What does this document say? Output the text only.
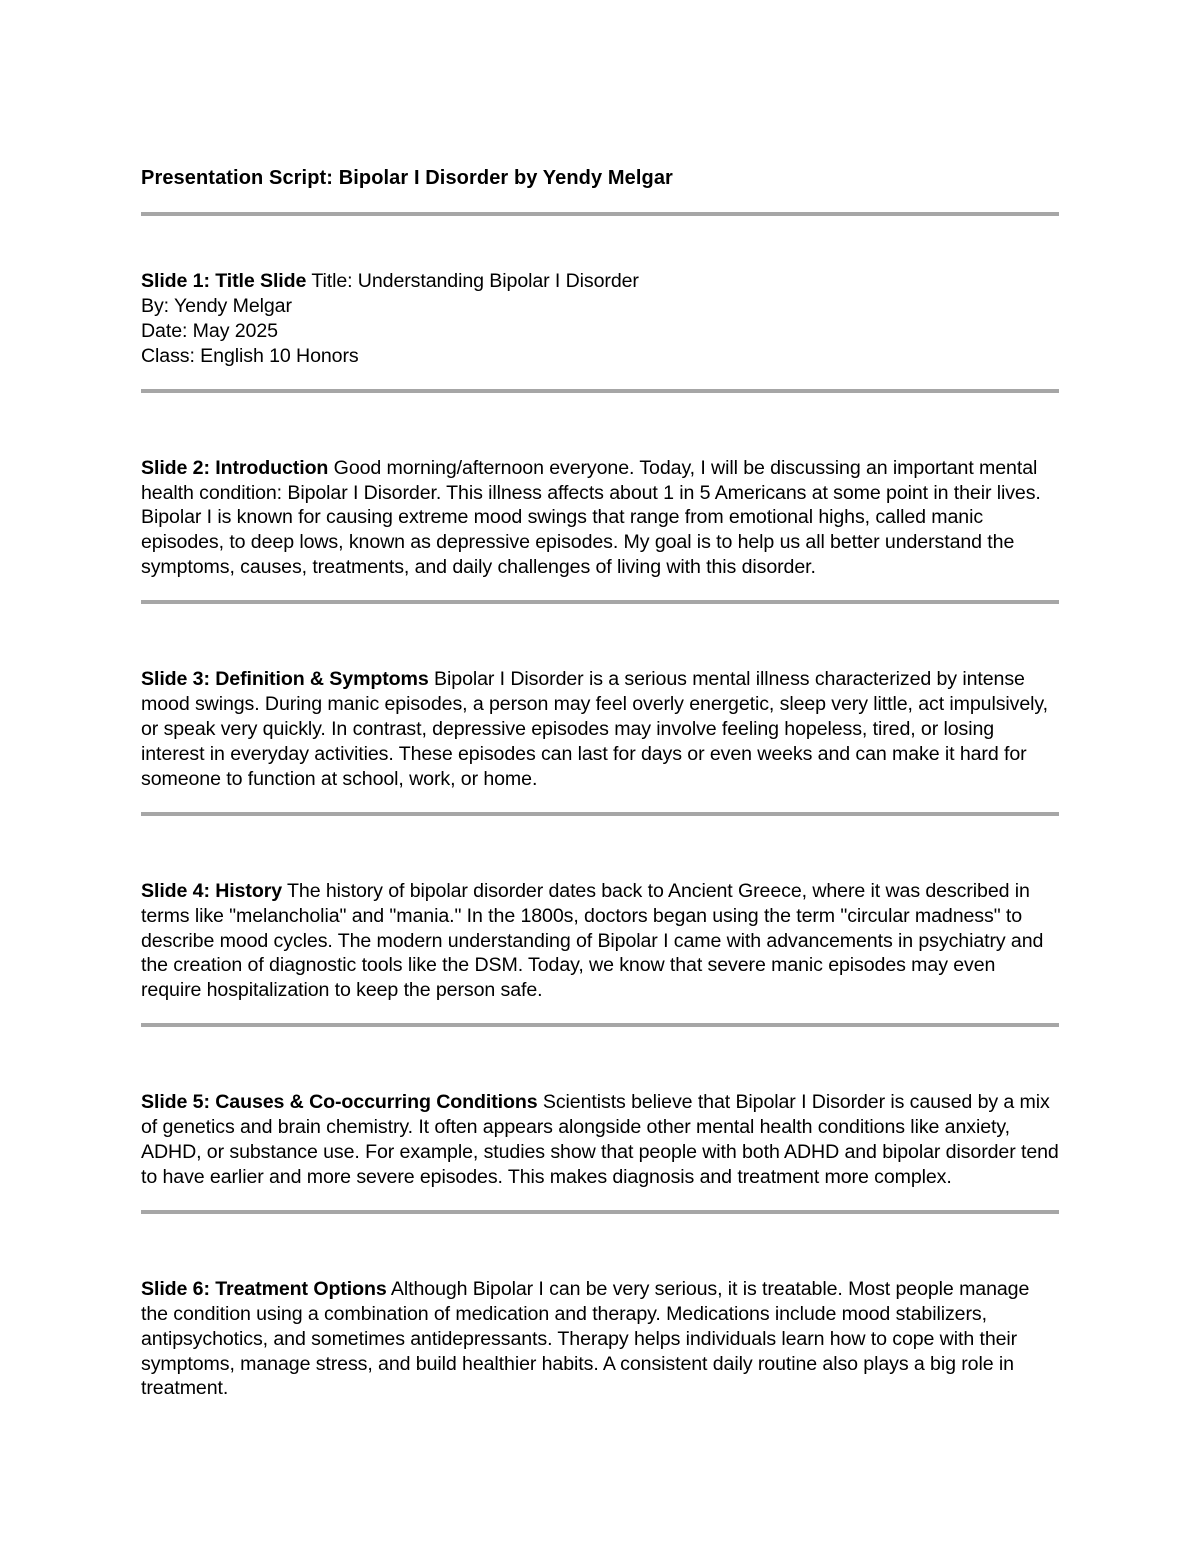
Presentation Script: Bipolar I Disorder by Yendy Melgar

Slide 1: Title Slide Title: Understanding Bipolar I Disorder
By: Yendy Melgar
Date: May 2025
Class: English 10 Honors

Slide 2: Introduction Good morning/afternoon everyone. Today, I will be discussing an important mental health condition: Bipolar I Disorder. This illness affects about 1 in 5 Americans at some point in their lives. Bipolar I is known for causing extreme mood swings that range from emotional highs, called manic episodes, to deep lows, known as depressive episodes. My goal is to help us all better understand the symptoms, causes, treatments, and daily challenges of living with this disorder.

Slide 3: Definition & Symptoms Bipolar I Disorder is a serious mental illness characterized by intense mood swings. During manic episodes, a person may feel overly energetic, sleep very little, act impulsively, or speak very quickly. In contrast, depressive episodes may involve feeling hopeless, tired, or losing interest in everyday activities. These episodes can last for days or even weeks and can make it hard for someone to function at school, work, or home.

Slide 4: History The history of bipolar disorder dates back to Ancient Greece, where it was described in terms like "melancholia" and "mania." In the 1800s, doctors began using the term "circular madness" to describe mood cycles. The modern understanding of Bipolar I came with advancements in psychiatry and the creation of diagnostic tools like the DSM. Today, we know that severe manic episodes may even require hospitalization to keep the person safe.

Slide 5: Causes & Co-occurring Conditions Scientists believe that Bipolar I Disorder is caused by a mix of genetics and brain chemistry. It often appears alongside other mental health conditions like anxiety, ADHD, or substance use. For example, studies show that people with both ADHD and bipolar disorder tend to have earlier and more severe episodes. This makes diagnosis and treatment more complex.

Slide 6: Treatment Options Although Bipolar I can be very serious, it is treatable. Most people manage the condition using a combination of medication and therapy. Medications include mood stabilizers, antipsychotics, and sometimes antidepressants. Therapy helps individuals learn how to cope with their symptoms, manage stress, and build healthier habits. A consistent daily routine also plays a big role in treatment.
